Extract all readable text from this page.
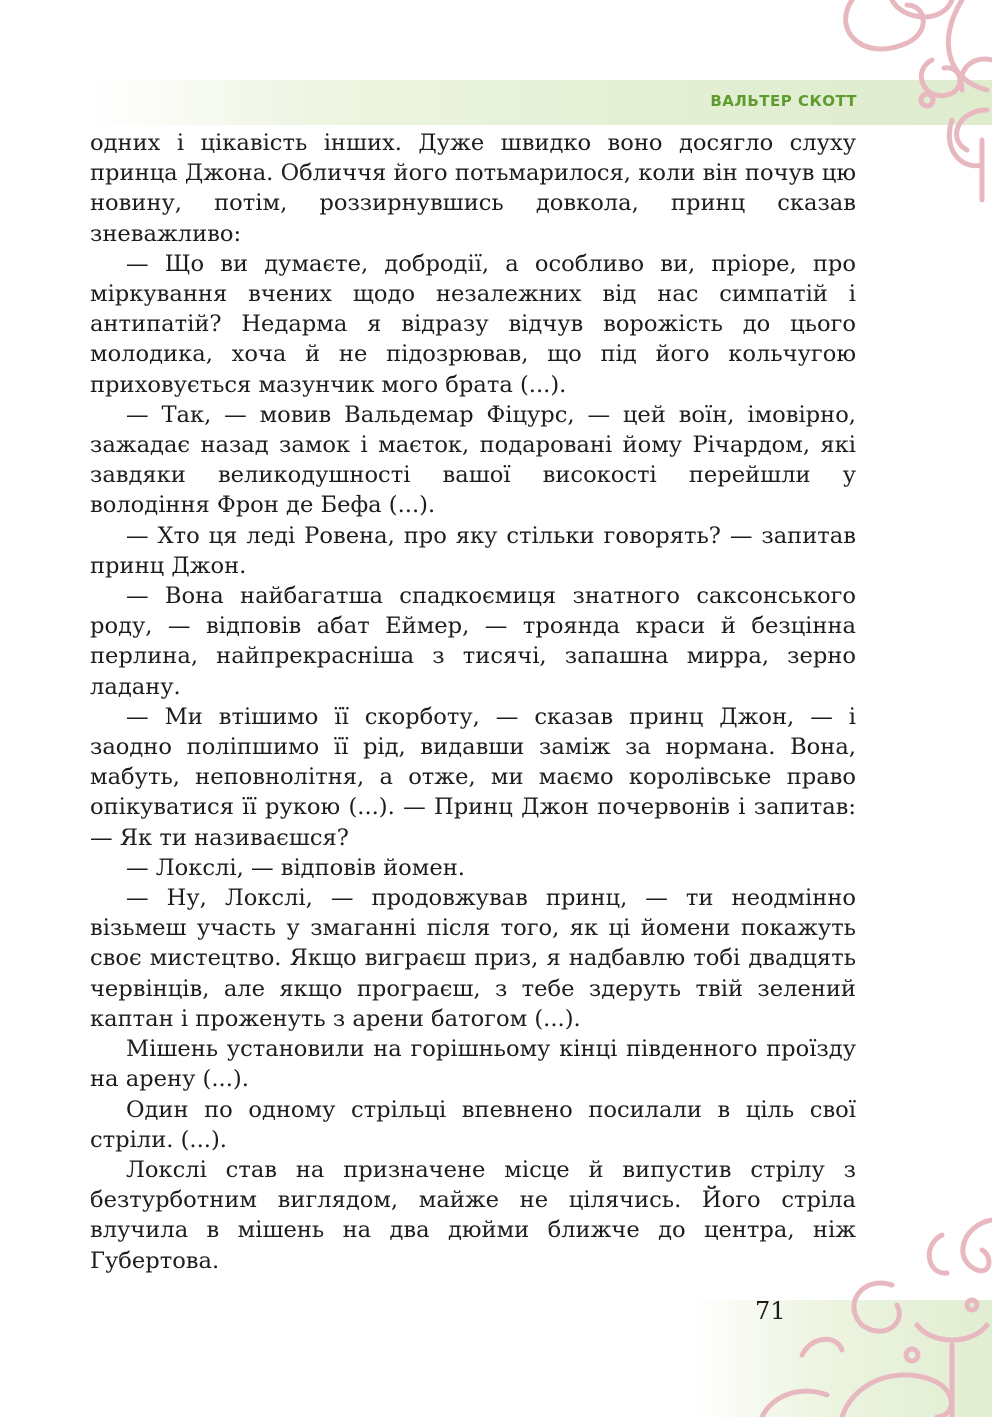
ВАЛЬТЕР СКОТТ

одних і цікавість інших. Дуже швидко воно досягло слуху принца Джона. Обличчя його потьмарилося, коли він почув цю новину, потім, роззирнувшись довкола, принц сказав зневажливо:

— Що ви думаєте, добродії, а особливо ви, пріоре, про міркування вчених щодо незалежних від нас симпатій і антипатій? Недарма я відразу відчув ворожість до цього молодика, хоча й не підозрював, що під його кольчугою приховується мазунчик мого брата (...).

— Так, — мовив Вальдемар Фіцурс, — цей воїн, імовірно, зажадає назад замок і маєток, подаровані йому Річардом, які завдяки великодушності вашої високості перейшли у володіння Фрон де Бефа (...).

— Хто ця леді Ровена, про яку стільки говорять? — запитав принц Джон.

— Вона найбагатша спадкоємиця знатного саксонського роду, — відповів абат Еймер, — троянда краси й безцінна перлина, найпрекрасніша з тисячі, запашна мирра, зерно ладану.

— Ми втішимо її скорботу, — сказав принц Джон, — і заодно поліпшимо її рід, видавши заміж за нормана. Вона, мабуть, неповнолітня, а отже, ми маємо королівське право опікуватися її рукою (...). — Принц Джон почервонів і запитав: — Як ти називаєшся?

— Локслі, — відповів йомен.

— Ну, Локслі, — продовжував принц, — ти неодмінно візьмеш участь у змаганні після того, як ці йомени покажуть своє мистецтво. Якщо виграєш приз, я надбавлю тобі двадцять червінців, але якщо програєш, з тебе здеруть твій зелений каптан і проженуть з арени батогом (...).

Мішень установили на горішньому кінці південного проїзду на арену (...).

Один по одному стрільці впевнено посилали в ціль свої стріли. (...).

Локслі став на призначене місце й випустив стрілу з безтурботним виглядом, майже не цілячись. Його стріла влучила в мішень на два дюйми ближче до центра, ніж Губертова.

71
